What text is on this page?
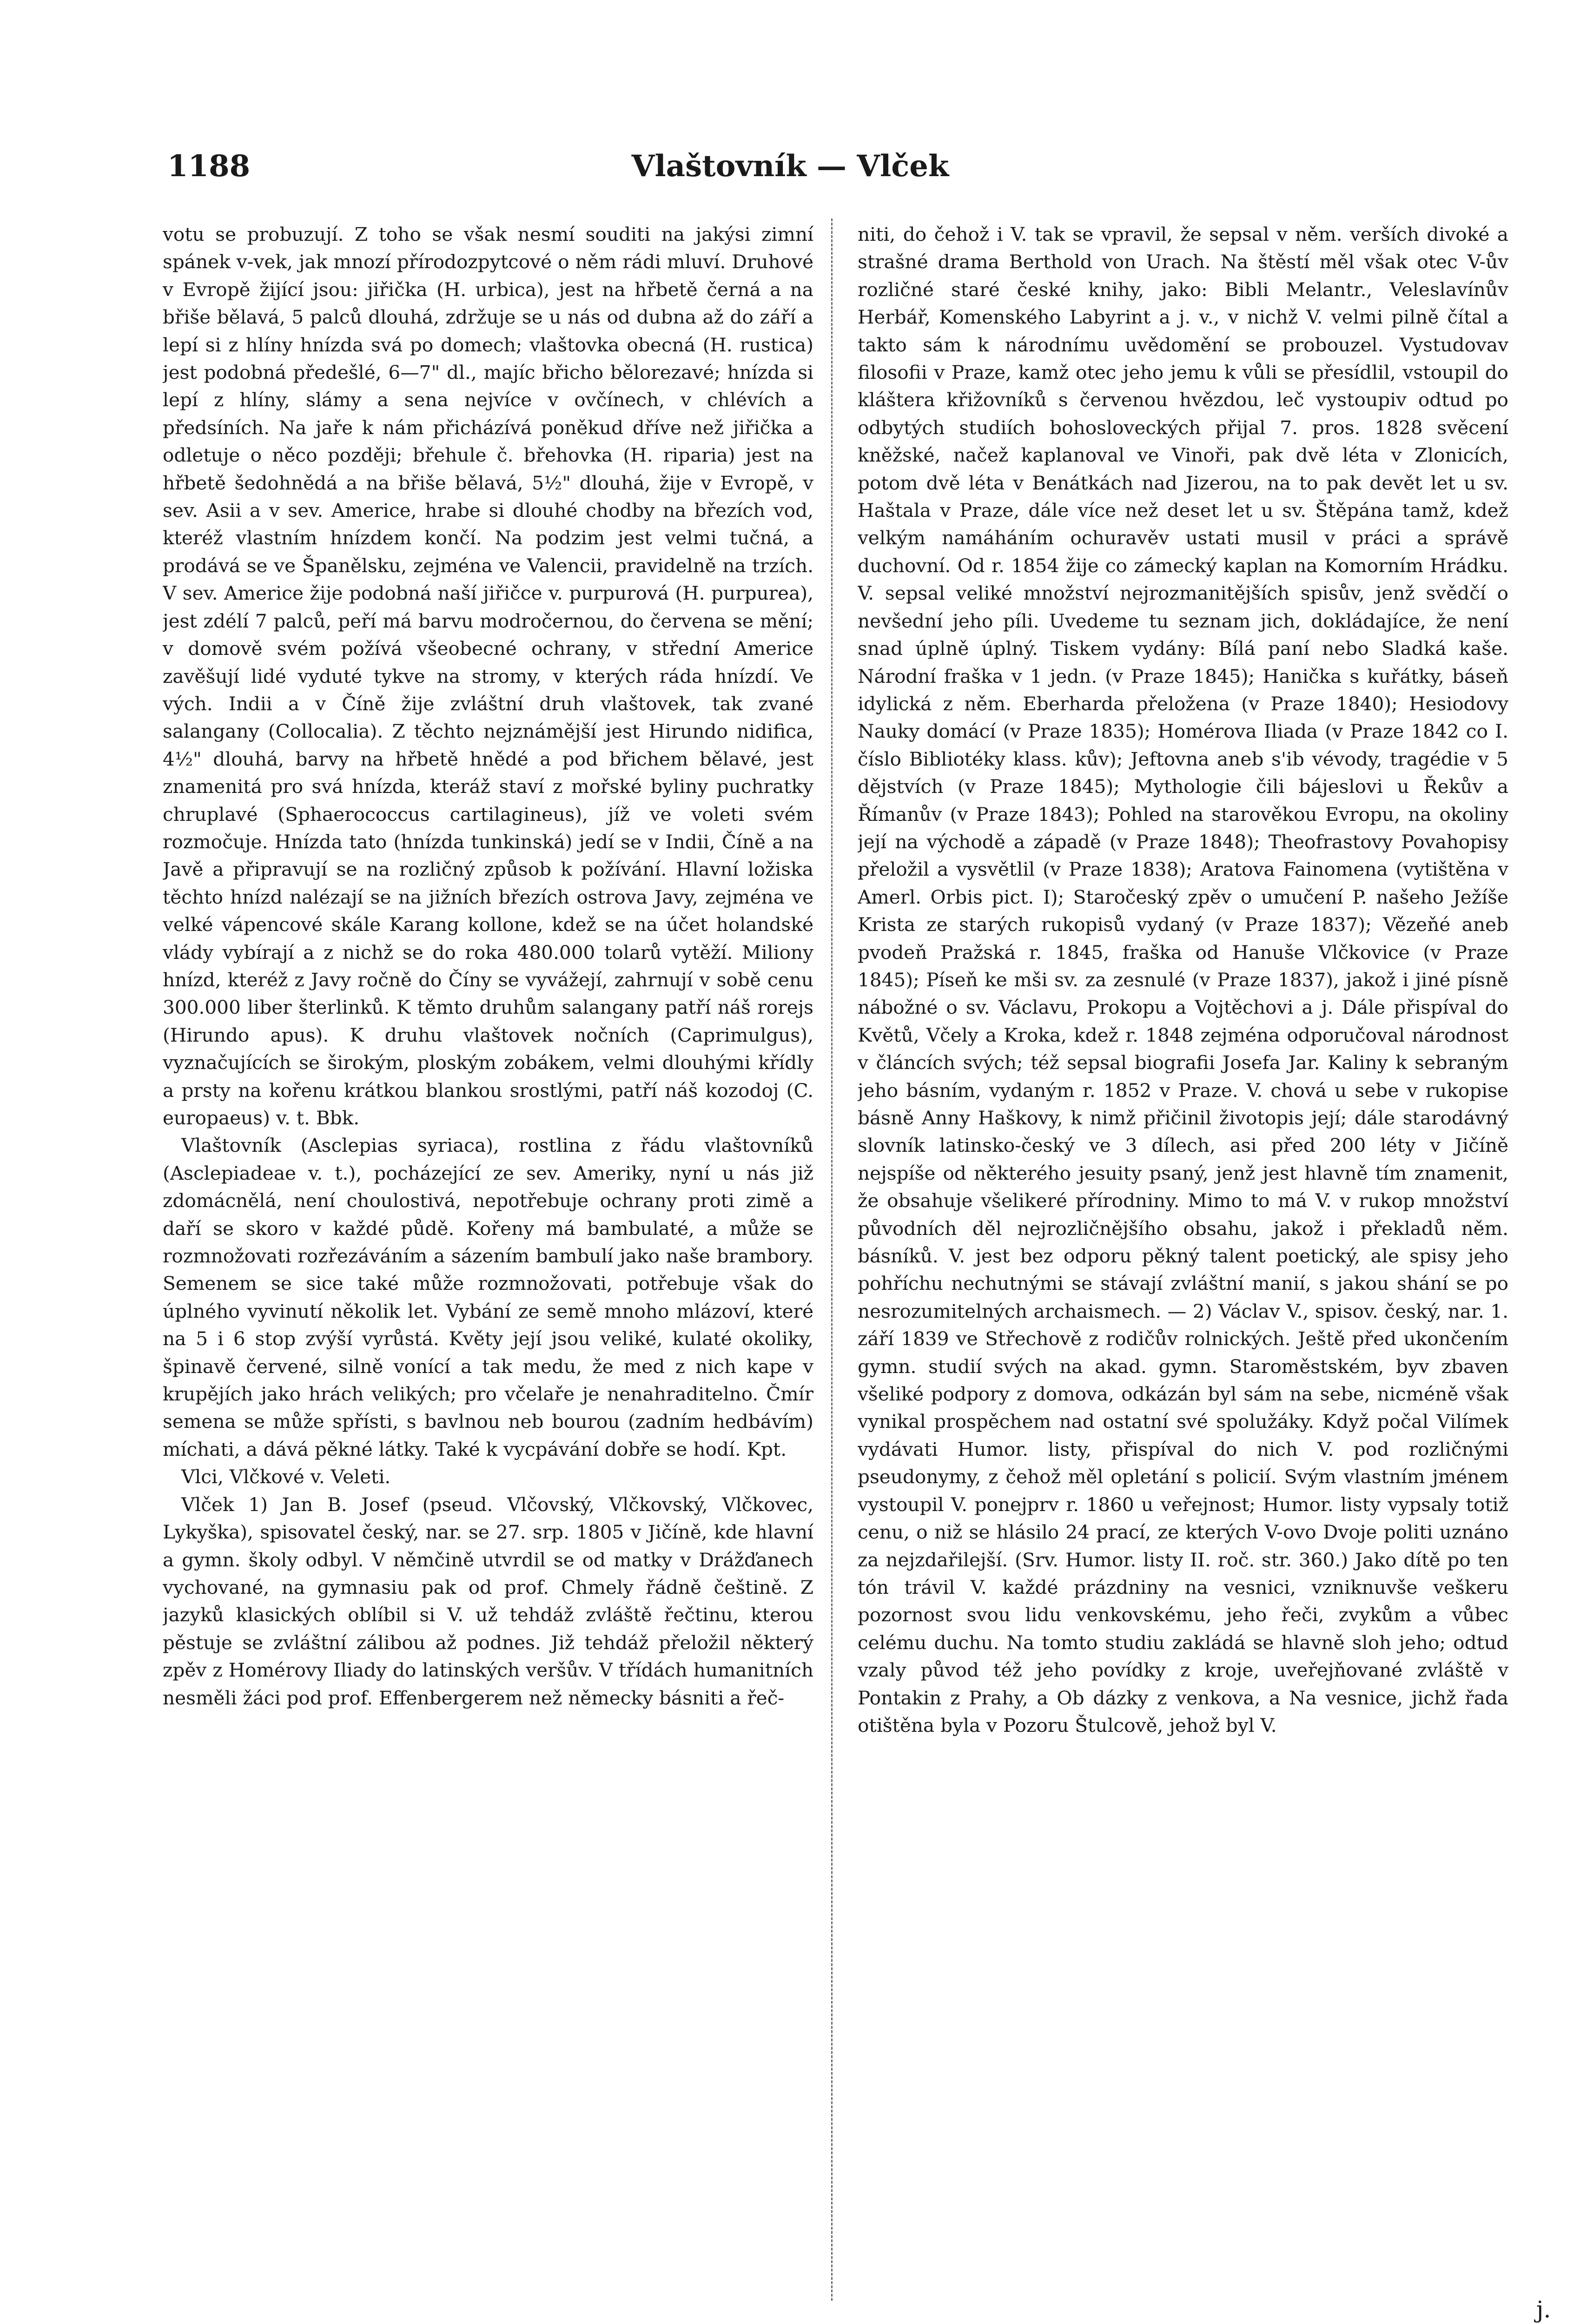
1188	Vlaštovník — Vlček

votu se probuzují. Z toho se však nesmí souditi na jakýsi zimní spánek v-vek, jak mnozí přírodozpytcové o něm rádi mluví. Druhové v Evropě žijící jsou: jiřička (H. urbica), jest na hřbetě černá a na břiše bělavá, 5 palců dlouhá, zdržuje se u nás od dubna až do září a lepí si z hlíny hnízda svá po domech; vlaštovka obecná (H. rustica) jest podobná předešlé, 6—7" dl., majíc břicho bělorezavé; hnízda si lepí z hlíny, slámy a sena nejvíce v ovčínech, v chlévích a předsíních. Na jaře k nám přicházívá poněkud dříve než jiřička a odletuje o něco později; břehule č. břehovka (H. riparia) jest na hřbetě šedohnědá a na břiše bělavá, 5½" dlouhá, žije v Evropě, v sev. Asii a v sev. Americe, hrabe si dlouhé chodby na březích vod, kteréž vlastním hnízdem končí. Na podzim jest velmi tučná, a prodává se ve Španělsku, zejména ve Valencii, pravidelně na trzích. V sev. Americe žije podobná naší jiřičce v. purpurová (H. purpurea), jest zdélí 7 palců, peří má barvu modročernou, do červena se mění; v domově svém požívá všeobecné ochrany, v střední Americe zavěšují lidé vyduté tykve na stromy, v kterých ráda hnízdí. Ve vých. Indii a v Číně žije zvláštní druh vlaštovek, tak zvané salangany (Collocalia). Z těchto nejznámější jest Hirundo nidifica, 4½" dlouhá, barvy na hřbetě hnědé a pod břichem bělavé, jest znamenitá pro svá hnízda, kteráž staví z mořské byliny puchratky chruplavé (Sphaerococcus cartilagineus), jíž ve voleti svém rozmočuje. Hnízda tato (hnízda tunkinská) jedí se v Indii, Číně a na Javě a připravují se na rozličný způsob k požívání. Hlavní ložiska těchto hnízd nalézají se na jižních březích ostrova Javy, zejména ve velké vápencové skále Karang kollone, kdež se na účet holandské vlády vybírají a z nichž se do roka 480.000 tolarů vytěží. Miliony hnízd, kteréž z Javy ročně do Číny se vyvážejí, zahrnují v sobě cenu 300.000 liber šterlinků. K těmto druhům salangany patří náš rorejs (Hirundo apus). K druhu vlaštovek nočních (Caprimulgus), vyznačujících se širokým, ploským zobákem, velmi dlouhými křídly a prsty na kořenu krátkou blankou srostlými, patří náš kozodoj (C. europaeus) v. t. Bbk.

Vlaštovník (Asclepias syriaca), rostlina z řádu vlaštovníků (Asclepiadeae v. t.), pocházející ze sev. Ameriky, nyní u nás již zdomácnělá, není choulostivá, nepotřebuje ochrany proti zimě a daří se skoro v každé půdě. Kořeny má bambulaté, a může se rozmnožovati rozřezáváním a sázením bambulí jako naše brambory. Semenem se sice také může rozmnožovati, potřebuje však do úplného vyvinutí několik let. Vybání ze semě mnoho mlázoví, které na 5 i 6 stop zvýší vyrůstá. Květy její jsou veliké, kulaté okoliky, špinavě červené, silně vonící a tak medu, že med z nich kape v krupějích jako hrách velikých; pro včelaře je nenahraditelno. Čmír semena se může spřísti, s bavlnou neb bourou (zadním hedbávím) míchati, a dává pěkné látky. Také k vycpávání dobře se hodí. Kpt.

Vlci, Vlčkové v. Veleti.

Vlček 1) Jan B. Josef (pseud. Vlčovský, Vlčkovský, Vlčkovec, Lykyška), spisovatel český, nar. se 27. srp. 1805 v Jičíně, kde hlavní a gymn. školy odbyl. V němčině utvrdil se od matky v Drážďanech vychované, na gymnasiu pak od prof. Chmely řádně češtině. Z jazyků klasických oblíbil si V. už tehdáž zvláště řečtinu, kterou pěstuje se zvláštní zálibou až podnes. Již tehdáž přeložil některý zpěv z Homérovy Iliady do latinských veršův. V třídách humanitních nesměli žáci pod prof. Effenbergerem než německy básniti a řeč-

niti, do čehož i V. tak se vpravil, že sepsal v něm. verších divoké a strašné drama Berthold von Urach. Na štěstí měl však otec V-ův rozličné staré české knihy, jako: Bibli Melantr., Veleslavínův Herbář, Komenského Labyrint a j. v., v nichž V. velmi pilně čítal a takto sám k národnímu uvědomění se probouzel. Vystudovav filosofii v Praze, kamž otec jeho jemu k vůli se přesídlil, vstoupil do kláštera křižovníků s červenou hvězdou, leč vystoupiv odtud po odbytých studiích bohosloveckých přijal 7. pros. 1828 svěcení kněžské, načež kaplanoval ve Vinoři, pak dvě léta v Zlonicích, potom dvě léta v Benátkách nad Jizerou, na to pak devět let u sv. Haštala v Praze, dále více než deset let u sv. Štěpána tamž, kdež velkým namáháním ochuravěv ustati musil v práci a správě duchovní. Od r. 1854 žije co zámecký kaplan na Komorním Hrádku. V. sepsal veliké množství nejrozmanitějších spisův, jenž svědčí o nevšední jeho píli. Uvedeme tu seznam jich, dokládajíce, že není snad úplně úplný. Tiskem vydány: Bílá paní nebo Sladká kaše. Národní fraška v 1 jedn. (v Praze 1845); Hanička s kuřátky, báseň idylická z něm. Eberharda přeložena (v Praze 1840); Hesiodovy Nauky domácí (v Praze 1835); Homérova Iliada (v Praze 1842 co I. číslo Bibliotéky klass. kův); Jeftovna aneb s'ib vévody, tragédie v 5 dějstvích (v Praze 1845); Mythologie čili bájeslovi u Řekův a Římanův (v Praze 1843); Pohled na starověkou Evropu, na okoliny její na východě a západě (v Praze 1848); Theofrastovy Povahopisy přeložil a vysvětlil (v Praze 1838); Aratova Fainomena (vytištěna v Amerl. Orbis pict. I); Staročeský zpěv o umučení P. našeho Ježíše Krista ze starých rukopisů vydaný (v Praze 1837); Vězeňé aneb pvodeň Pražská r. 1845, fraška od Hanuše Vlčkovice (v Praze 1845); Píseň ke mši sv. za zesnulé (v Praze 1837), jakož i jiné písně nábožné o sv. Václavu, Prokopu a Vojtěchovi a j. Dále přispíval do Květů, Včely a Kroka, kdež r. 1848 zejména odporučoval národnost v článcích svých; též sepsal biografii Josefa Jar. Kaliny k sebraným jeho básním, vydaným r. 1852 v Praze. V. chová u sebe v rukopise básně Anny Haškovy, k nimž přičinil životopis její; dále starodávný slovník latinsko-český ve 3 dílech, asi před 200 léty v Jičíně nejspíše od některého jesuity psaný, jenž jest hlavně tím znamenit, že obsahuje všelikeré přírodniny. Mimo to má V. v rukop množství původních děl nejrozličnějšího obsahu, jakož i překladů něm. básníků. V. jest bez odporu pěkný talent poetický, ale spisy jeho pohříchu nechutnými se stávají zvláštní manií, s jakou shání se po nesrozumitelných archaismech. — 2) Václav V., spisov. český, nar. 1. září 1839 ve Střechově z rodičův rolnických. Ještě před ukončením gymn. studií svých na akad. gymn. Staroměstském, byv zbaven všeliké podpory z domova, odkázán byl sám na sebe, nicméně však vynikal prospěchem nad ostatní své spolužáky. Když počal Vilímek vydávati Humor. listy, přispíval do nich V. pod rozličnými pseudonymy, z čehož měl opletání s policií. Svým vlastním jménem vystoupil V. ponejprv r. 1860 u veřejnost; Humor. listy vypsaly totiž cenu, o niž se hlásilo 24 prací, ze kterých V-ovo Dvoje politi uznáno za nejzdařilejší. (Srv. Humor. listy II. roč. str. 360.) Jako dítě po ten tón trávil V. každé prázdniny na vesnici, vzniknuvše veškeru pozornost svou lidu venkovskému, jeho řeči, zvykům a vůbec celému duchu. Na tomto studiu zakládá se hlavně sloh jeho; odtud vzaly původ též jeho povídky z kroje, uveřejňované zvláště v Pontakin z Prahy, a Ob dázky z venkova, a Na vesnice, jichž řada otištěna byla v Pozoru Štulcově, jehož byl V.

j.
